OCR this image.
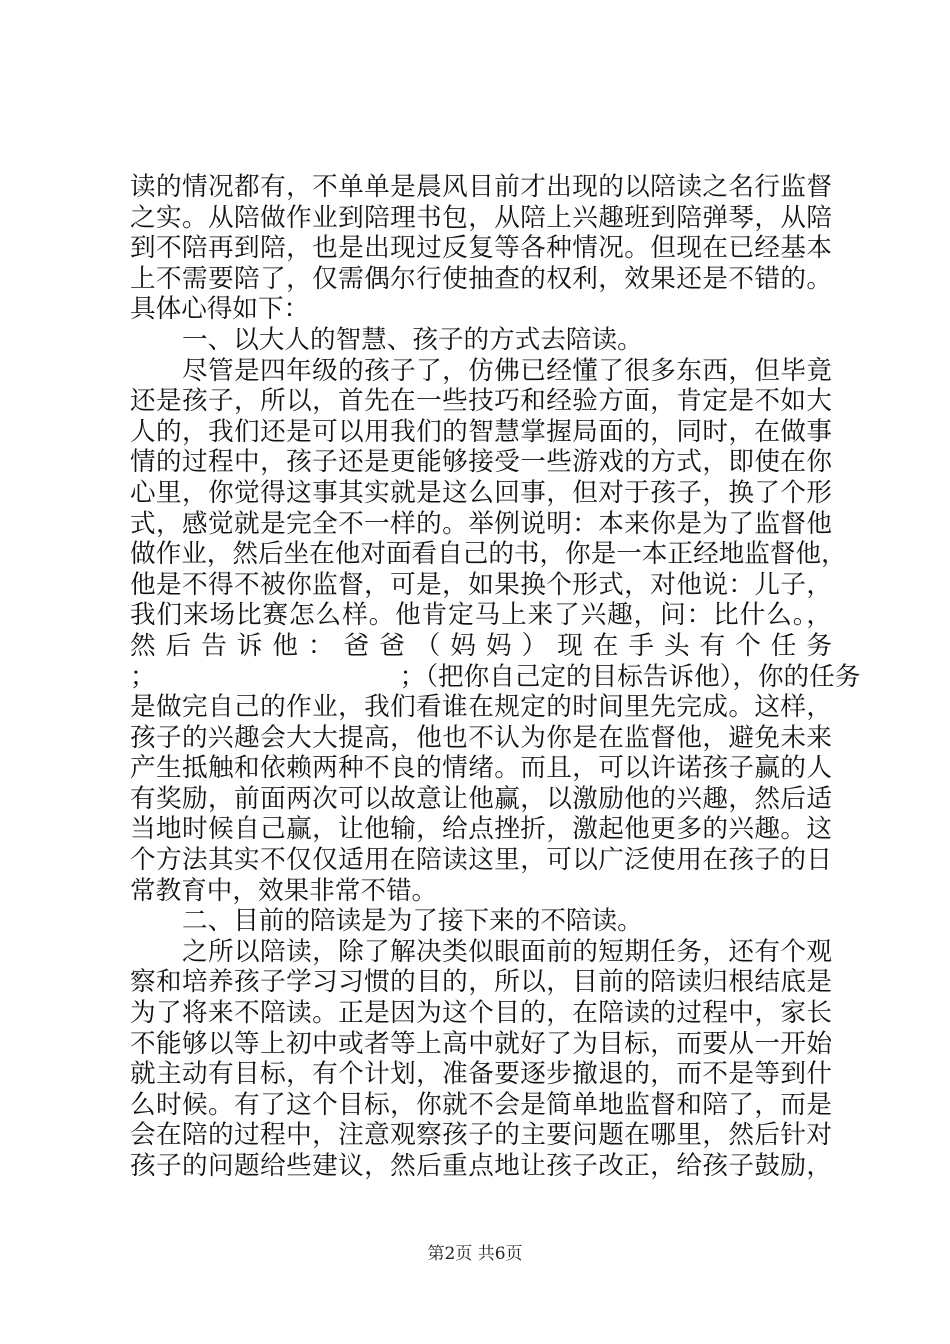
读的情况都有，不单单是晨风目前才出现的以陪读之名行监督
之实。从陪做作业到陪理书包，从陪上兴趣班到陪弹琴，从陪
到不陪再到陪，也是出现过反复等各种情况。但现在已经基本
上不需要陪了，仅需偶尔行使抽查的权利，效果还是不错的。
具体心得如下：
一、以大人的智慧、孩子的方式去陪读。
尽管是四年级的孩子了，仿佛已经懂了很多东西，但毕竟
还是孩子，所以，首先在一些技巧和经验方面，肯定是不如大
人的，我们还是可以用我们的智慧掌握局面的，同时，在做事
情的过程中，孩子还是更能够接受一些游戏的方式，即使在你
心里，你觉得这事其实就是这么回事，但对于孩子，换了个形
式，感觉就是完全不一样的。举例说明：本来你是为了监督他
做作业，然后坐在他对面看自己的书，你是一本正经地监督他，
他是不得不被你监督，可是，如果换个形式，对他说：儿子，
我们来场比赛怎么样。他肯定马上来了兴趣，问：比什么。，
然后告诉他：爸爸（妈妈）现在手头有个任务
；                              ；（把你自己定的目标告诉他），你的任务
是做完自己的作业，我们看谁在规定的时间里先完成。这样，
孩子的兴趣会大大提高，他也不认为你是在监督他，避免未来
产生抵触和依赖两种不良的情绪。而且，可以许诺孩子赢的人
有奖励，前面两次可以故意让他赢，以激励他的兴趣，然后适
当地时候自己赢，让他输，给点挫折，激起他更多的兴趣。这
个方法其实不仅仅适用在陪读这里，可以广泛使用在孩子的日
常教育中，效果非常不错。
二、目前的陪读是为了接下来的不陪读。
之所以陪读，除了解决类似眼面前的短期任务，还有个观
察和培养孩子学习习惯的目的，所以，目前的陪读归根结底是
为了将来不陪读。正是因为这个目的，在陪读的过程中，家长
不能够以等上初中或者等上高中就好了为目标，而要从一开始
就主动有目标，有个计划，准备要逐步撤退的，而不是等到什
么时候。有了这个目标，你就不会是简单地监督和陪了，而是
会在陪的过程中，注意观察孩子的主要问题在哪里，然后针对
孩子的问题给些建议，然后重点地让孩子改正，给孩子鼓励，
第2页 共6页
